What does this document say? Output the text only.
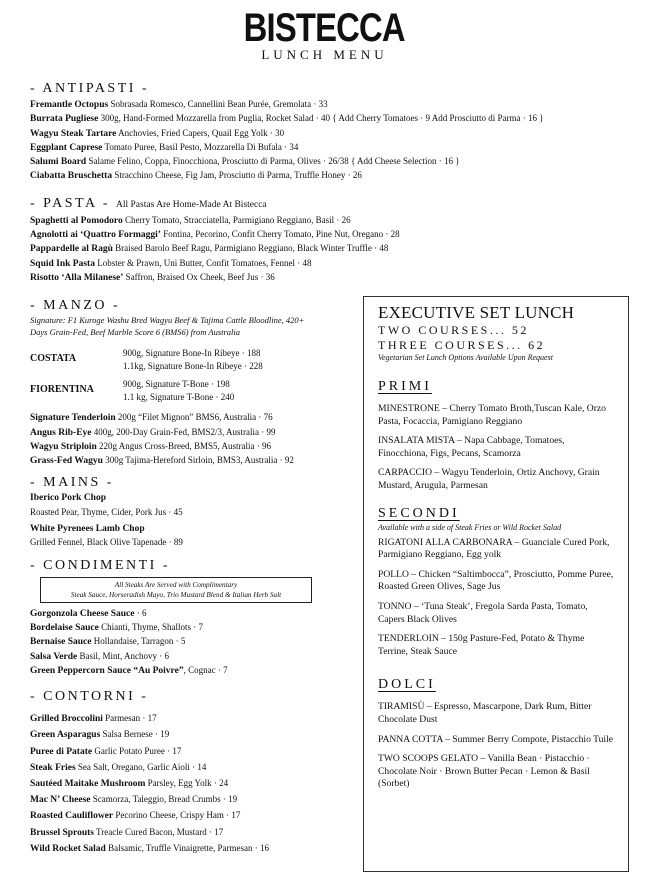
BISTECCA
LUNCH MENU
- ANTIPASTI -
Fremantle Octopus Sobrasada Romesco, Cannellini Bean Purée, Gremolata · 33
Burrata Pugliese 300g, Hand-Formed Mozzarella from Puglia, Rocket Salad · 40 { Add Cherry Tomatoes · 9 Add Prosciutto di Parma · 16 }
Wagyu Steak Tartare Anchovies, Fried Capers, Quail Egg Yolk · 30
Eggplant Caprese Tomato Puree, Basil Pesto, Mozzarella Di Bufala · 34
Salumi Board Salame Felino, Coppa, Finocchiona, Prosciutto di Parma, Olives · 26/38 { Add Cheese Selection · 16 }
Ciabatta Bruschetta Stracchino Cheese, Fig Jam, Prosciutto di Parma, Truffle Honey · 26
- PASTA - All Pastas Are Home-Made At Bistecca
Spaghetti al Pomodoro Cherry Tomato, Stracciatella, Parmigiano Reggiano, Basil · 26
Agnolotti ai ‘Quattro Formaggi’ Fontina, Pecorino, Confit Cherry Tomato, Pine Nut, Oregano · 28
Pappardelle al Ragù Braised Barolo Beef Ragu, Parmigiano Reggiano, Black Winter Truffle · 48
Squid Ink Pasta Lobster & Prawn, Uni Butter, Confit Tomatoes, Fennel · 48
Risotto ‘Alla Milanese’ Saffron, Braised Ox Cheek, Beef Jus · 36
- MANZO -
Signature: F1 Kuroge Washu Bred Wagyu Beef & Tajima Cattle Bloodline, 420+ Days Grain-Fed, Beef Marble Score 6 (BMS6) from Australia
COSTATA	900g, Signature Bone-In Ribeye · 188
1.1kg, Signature Bone-In Ribeye · 228
FIORENTINA	900g, Signature T-Bone · 198
1.1 kg, Signature T-Bone · 240
Signature Tenderloin 200g “Filet Mignon” BMS6, Australia · 76
Angus Rib-Eye 400g, 200-Day Grain-Fed, BMS2/3, Australia · 99
Wagyu Striploin 220g Angus Cross-Breed, BMS5, Australia · 96
Grass-Fed Wagyu 300g Tajima-Hereford Sirloin, BMS3, Australia · 92
- MAINS -
Iberico Pork Chop
Roasted Pear, Thyme, Cider, Pork Jus · 45
White Pyrenees Lamb Chop
Grilled Fennel, Black Olive Tapenade · 89
- CONDIMENTI -
All Steaks Are Served with Complimentary
Steak Sauce, Horseradish Mayo, Trio Mustard Blend & Italian Herb Salt
Gorgonzola Cheese Sauce · 6
Bordelaise Sauce Chianti, Thyme, Shallots · 7
Bernaise Sauce Hollandaise, Tarragon · 5
Salsa Verde Basil, Mint, Anchovy · 6
Green Peppercorn Sauce “Au Poivre”, Cognac · 7
- CONTORNI -
Grilled Broccolini Parmesan · 17
Green Asparagus Salsa Bernese · 19
Puree di Patate Garlic Potato Puree · 17
Steak Fries Sea Salt, Oregano, Garlic Aioli · 14
Sautéed Maitake Mushroom Parsley, Egg Yolk · 24
Mac N’ Cheese Scamorza, Taleggio, Bread Crumbs · 19
Roasted Cauliflower Pecorino Cheese, Crispy Ham · 17
Brussel Sprouts Treacle Cured Bacon, Mustard · 17
Wild Rocket Salad Balsamic, Truffle Vinaigrette, Parmesan · 16
EXECUTIVE SET LUNCH
TWO COURSES... 52
THREE COURSES... 62
Vegetarian Set Lunch Options Available Upon Request
PRIMI
MINESTRONE – Cherry Tomato Broth,Tuscan Kale, Orzo Pasta, Focaccia, Pamigiano Reggiano
INSALATA MISTA – Napa Cabbage, Tomatoes, Finocchiona, Figs, Pecans, Scamorza
CARPACCIO – Wagyu Tenderloin, Ortiz Anchovy, Grain Mustard, Arugula, Parmesan
SECONDI
Available with a side of Steak Fries or Wild Rocket Salad
RIGATONI ALLA CARBONARA – Guanciale Cured Pork, Parmigiano Reggiano, Egg yolk
POLLO – Chicken “Saltimbocca”, Prosciutto, Pomme Puree, Roasted Green Olives, Sage Jus
TONNO – ‘Tuna Steak’, Fregola Sarda Pasta, Tomato, Capers Black Olives
TENDERLOIN – 150g Pasture-Fed, Potato & Thyme Terrine, Steak Sauce
DOLCI
TIRAMISÙ – Espresso, Mascarpone, Dark Rum, Bitter Chocolate Dust
PANNA COTTA – Summer Berry Compote, Pistacchio Tuile
TWO SCOOPS GELATO – Vanilla Bean · Pistacchio · Chocolate Noir · Brown Butter Pecan · Lemon & Basil (Sorbet)
